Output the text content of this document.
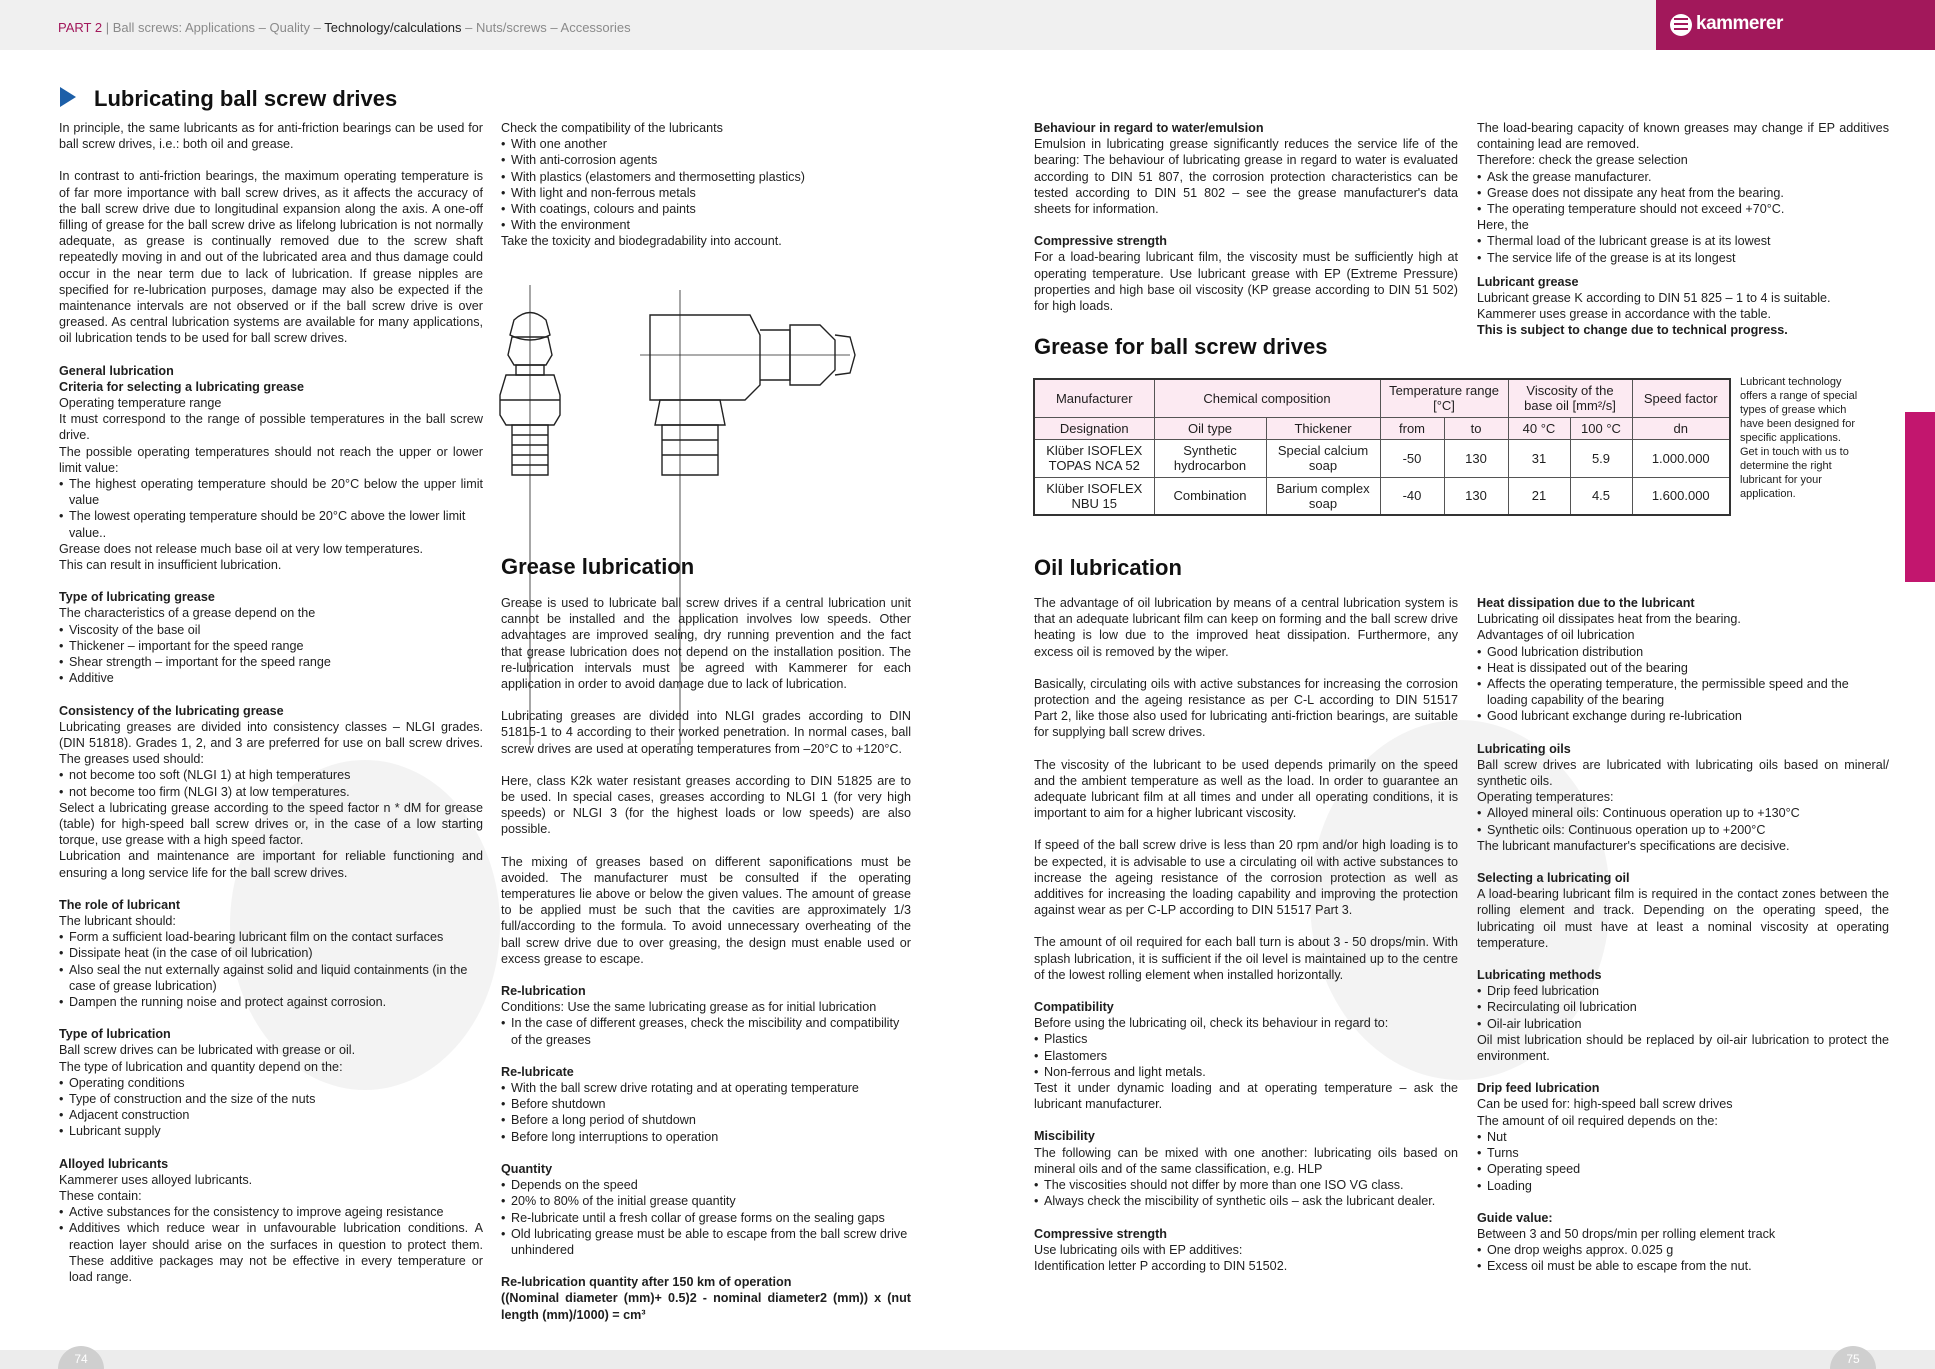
PART 2 | Ball screws: Applications – Quality – Technology/calculations – Nuts/screws – Accessories	kammerer
Lubricating ball screw drives

In principle, the same lubricants as for anti-friction bearings can be used for ball screw drives, i.e.: both oil and grease.

In contrast to anti-friction bearings, the maximum operating temperature is of far more importance with ball screw drives, as it affects the accuracy of the ball screw drive due to longitudinal expansion along the axis. A one-off filling of grease for the ball screw drive as lifelong lubrication is not normally adequate, as grease is continually removed due to the screw shaft repeatedly moving in and out of the lubricated area and thus damage could occur in the near term due to lack of lubrication. If grease nipples are specified for re-lubrication purposes, damage may also be expected if the maintenance intervals are not observed or if the ball screw drive is over greased. As central lubrication systems are available for many applications, oil lubrication tends to be used for ball screw drives.

General lubrication
Criteria for selecting a lubricating grease

Operating temperature range

It must correspond to the range of possible temperatures in the ball screw drive.

The possible operating temperatures should not reach the upper or lower limit value:

• The highest operating temperature should be 20°C below the upper limit value
• The lowest operating temperature should be 20°C above the lower limit value..

Grease does not release much base oil at very low temperatures.

This can result in insufficient lubrication.

Type of lubricating grease

The characteristics of a grease depend on the

• Viscosity of the base oil
• Thickener – important for the speed range
• Shear strength – important for the speed range
• Additive
Consistency of the lubricating grease

Lubricating greases are divided into consistency classes – NLGI grades. (DIN 51818). Grades 1, 2, and 3 are preferred for use on ball screw drives. The greases used should:

• not become too soft (NLGI 1) at high temperatures
• not become too firm (NLGI 3) at low temperatures.

Select a lubricating grease according to the speed factor n * dM for grease (table) for high-speed ball screw drives or, in the case of a low starting torque, use grease with a high speed factor.

Lubrication and maintenance are important for reliable functioning and ensuring a long service life for the ball screw drives.

The role of lubricant

The lubricant should:

• Form a sufficient load-bearing lubricant film on the contact surfaces
• Dissipate heat (in the case of oil lubrication)
• Also seal the nut externally against solid and liquid containments (in the case of grease lubrication)
• Dampen the running noise and protect against corrosion.
Type of lubrication

Ball screw drives can be lubricated with grease or oil.

The type of lubrication and quantity depend on the:

• Operating conditions
• Type of construction and the size of the nuts
• Adjacent construction
• Lubricant supply
Alloyed lubricants

Kammerer uses alloyed lubricants.

These contain:

• Active substances for the consistency to improve ageing resistance
• Additives which reduce wear in unfavourable lubrication conditions. A reaction layer should arise on the surfaces in question to protect them. These additive packages may not be effective in every temperature or load range.

Check the compatibility of the lubricants

• With one another
• With anti-corrosion agents
• With plastics (elastomers and thermosetting plastics)
• With light and non-ferrous metals
• With coatings, colours and paints
• With the environment

Take the toxicity and biodegradability into account.

Grease lubrication

Grease is used to lubricate ball screw drives if a central lubrication unit cannot be installed and the application involves low speeds. Other advantages are improved sealing, dry running prevention and the fact that grease lubrication does not depend on the installation position. The re-lubrication intervals must be agreed with Kammerer for each application in order to avoid damage due to lack of lubrication.

Lubricating greases are divided into NLGI grades according to DIN 51815-1 to 4 according to their worked penetration. In normal cases, ball screw drives are used at operating temperatures from –20°C to +120°C.

Here, class K2k water resistant greases according to DIN 51825 are to be used. In special cases, greases according to NLGI 1 (for very high speeds) or NLGI 3 (for the highest loads or low speeds) are also possible.

The mixing of greases based on different saponifications must be avoided. The manufacturer must be consulted if the operating temperatures lie above or below the given values. The amount of grease to be applied must be such that the cavities are approximately 1/3 full/according to the formula. To avoid unnecessary overheating of the ball screw drive due to over greasing, the design must enable used or excess grease to escape.

Re-lubrication

Conditions: Use the same lubricating grease as for initial lubrication

• In the case of different greases, check the miscibility and compatibility of the greases
Re-lubricate
• With the ball screw drive rotating and at operating temperature
• Before shutdown
• Before a long period of shutdown
• Before long interruptions to operation
Quantity
• Depends on the speed
• 20% to 80% of the initial grease quantity
• Re-lubricate until a fresh collar of grease forms on the sealing gaps
• Old lubricating grease must be able to escape from the ball screw drive unhindered
Re-lubrication quantity after 150 km of operation

((Nominal diameter (mm)+ 0.5)2 - nominal diameter2 (mm)) x (nut length (mm)/1000) = cm³

Behaviour in regard to water/emulsion

Emulsion in lubricating grease significantly reduces the service life of the bearing: The behaviour of lubricating grease in regard to water is evaluated according to DIN 51 807, the corrosion protection characteristics can be tested according to DIN 51 802 – see the grease manufacturer's data sheets for information.

Compressive strength

For a load-bearing lubricant film, the viscosity must be sufficiently high at operating temperature. Use lubricant grease with EP (Extreme Pressure) properties and high base oil viscosity (KP grease according to DIN 51 502) for high loads.

Grease for ball screw drives

The load-bearing capacity of known greases may change if EP additives containing lead are removed.

Therefore: check the grease selection

• Ask the grease manufacturer.
• Grease does not dissipate any heat from the bearing.
• The operating temperature should not exceed +70°C.

Here, the

• Thermal load of the lubricant grease is at its lowest
• The service life of the grease is at its longest
Lubricant grease

Lubricant grease K according to DIN 51 825 – 1 to 4 is suitable.

Kammerer uses grease in accordance with the table.

This is subject to change due to technical progress.

Manufacturer	Chemical composition		Temperature range [°C]		Viscosity of the base oil [mm²/s]		Speed factor
Designation	Oil type	Thickener	from	to	40 °C	100 °C	dn
Klüber ISOFLEX TOPAS NCA 52	Synthetic hydrocarbon	Special calcium soap	-50	130	31	5.9	1.000.000
Klüber ISOFLEX NBU 15	Combination	Barium complex soap	-40	130	21	4.5	1.600.000
Lubricant technology offers a range of special types of grease which have been designed for specific applications. Get in touch with us to determine the right lubricant for your application.
Oil lubrication

The advantage of oil lubrication by means of a central lubrication system is that an adequate lubricant film can keep on forming and the ball screw drive heating is low due to the improved heat dissipation. Furthermore, any excess oil is removed by the wiper.

Basically, circulating oils with active substances for increasing the corrosion protection and the ageing resistance as per C-L according to DIN 51517 Part 2, like those also used for lubricating anti-friction bearings, are suitable for supplying ball screw drives.

The viscosity of the lubricant to be used depends primarily on the speed and the ambient temperature as well as the load. In order to guarantee an adequate lubricant film at all times and under all operating conditions, it is important to aim for a higher lubricant viscosity.

If speed of the ball screw drive is less than 20 rpm and/or high loading is to be expected, it is advisable to use a circulating oil with active substances to increase the ageing resistance of the corrosion protection as well as additives for increasing the loading capability and improving the protection against wear as per C-LP according to DIN 51517 Part 3.

The amount of oil required for each ball turn is about 3 - 50 drops/min. With splash lubrication, it is sufficient if the oil level is maintained up to the centre of the lowest rolling element when installed horizontally.

Compatibility

Before using the lubricating oil, check its behaviour in regard to:

• Plastics
• Elastomers
• Non-ferrous and light metals.

Test it under dynamic loading and at operating temperature – ask the lubricant manufacturer.

Miscibility

The following can be mixed with one another: lubricating oils based on mineral oils and of the same classification, e.g. HLP

• The viscosities should not differ by more than one ISO VG class.
• Always check the miscibility of synthetic oils – ask the lubricant dealer.
Compressive strength

Use lubricating oils with EP additives:

Identification letter P according to DIN 51502.

Heat dissipation due to the lubricant

Lubricating oil dissipates heat from the bearing.

Advantages of oil lubrication

• Good lubrication distribution
• Heat is dissipated out of the bearing
• Affects the operating temperature, the permissible speed and the loading capability of the bearing
• Good lubricant exchange during re-lubrication
Lubricating oils

Ball screw drives are lubricated with lubricating oils based on mineral/ synthetic oils.

Operating temperatures:

• Alloyed mineral oils: Continuous operation up to +130°C
• Synthetic oils: Continuous operation up to +200°C

The lubricant manufacturer's specifications are decisive.

Selecting a lubricating oil

A load-bearing lubricant film is required in the contact zones between the rolling element and track. Depending on the operating speed, the lubricating oil must have at least a nominal viscosity at operating temperature.

Lubricating methods
• Drip feed lubrication
• Recirculating oil lubrication
• Oil-air lubrication

Oil mist lubrication should be replaced by oil-air lubrication to protect the environment.

Drip feed lubrication

Can be used for: high-speed ball screw drives

The amount of oil required depends on the:

• Nut
• Turns
• Operating speed
• Loading
Guide value:

Between 3 and 50 drops/min per rolling element track

• One drop weighs approx. 0.025 g
• Excess oil must be able to escape from the nut.
74	75
